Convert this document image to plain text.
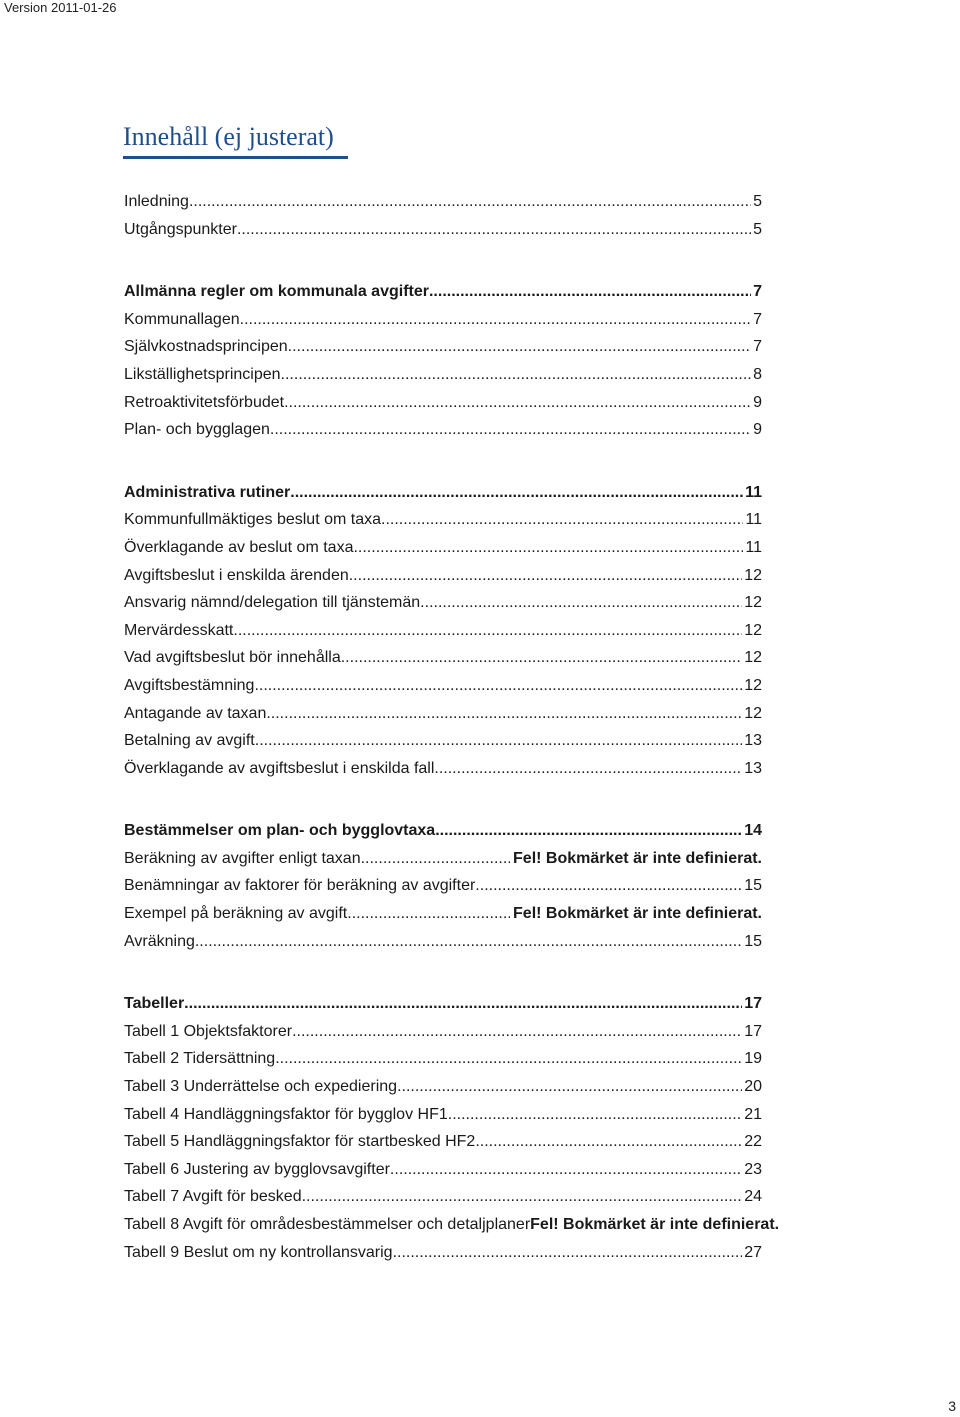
Version 2011-01-26
Innehåll (ej justerat)
Inledning .....	5
Utgångspunkter .....	5
Allmänna regler om kommunala avgifter .....	7
Kommunallagen .....	7
Självkostnadsprincipen .....	7
Likställighetsprincipen .....	8
Retroaktivitetsförbudet .....	9
Plan- och bygglagen .....	9
Administrativa rutiner .....	11
Kommunfullmäktiges beslut om taxa .....	11
Överklagande av beslut om taxa .....	11
Avgiftsbeslut i enskilda ärenden .....	12
Ansvarig nämnd/delegation till tjänstemän .....	12
Mervärdesskatt .....	12
Vad avgiftsbeslut bör innehålla .....	12
Avgiftsbestämning .....	12
Antagande av taxan .....	12
Betalning av avgift .....	13
Överklagande av avgiftsbeslut i enskilda fall .....	13
Bestämmelser om plan- och bygglovtaxa .....	14
Beräkning av avgifter enligt taxan .....	Fel! Bokmärket är inte definierat.
Benämningar av faktorer för beräkning av avgifter .....	15
Exempel på beräkning av avgift .....	Fel! Bokmärket är inte definierat.
Avräkning .....	15
Tabeller .....	17
Tabell 1 Objektsfaktorer .....	17
Tabell 2 Tidersättning .....	19
Tabell 3 Underrättelse och expediering .....	20
Tabell 4 Handläggningsfaktor för bygglov HF1 .....	21
Tabell 5 Handläggningsfaktor för startbesked HF2 .....	22
Tabell 6 Justering av bygglovsavgifter .....	23
Tabell 7 Avgift för besked .....	24
Tabell 8 Avgift för områdesbestämmelser och detaljplaner Fel! Bokmärket är inte definierat.
Tabell 9 Beslut om ny kontrollansvarig .....	27
3
